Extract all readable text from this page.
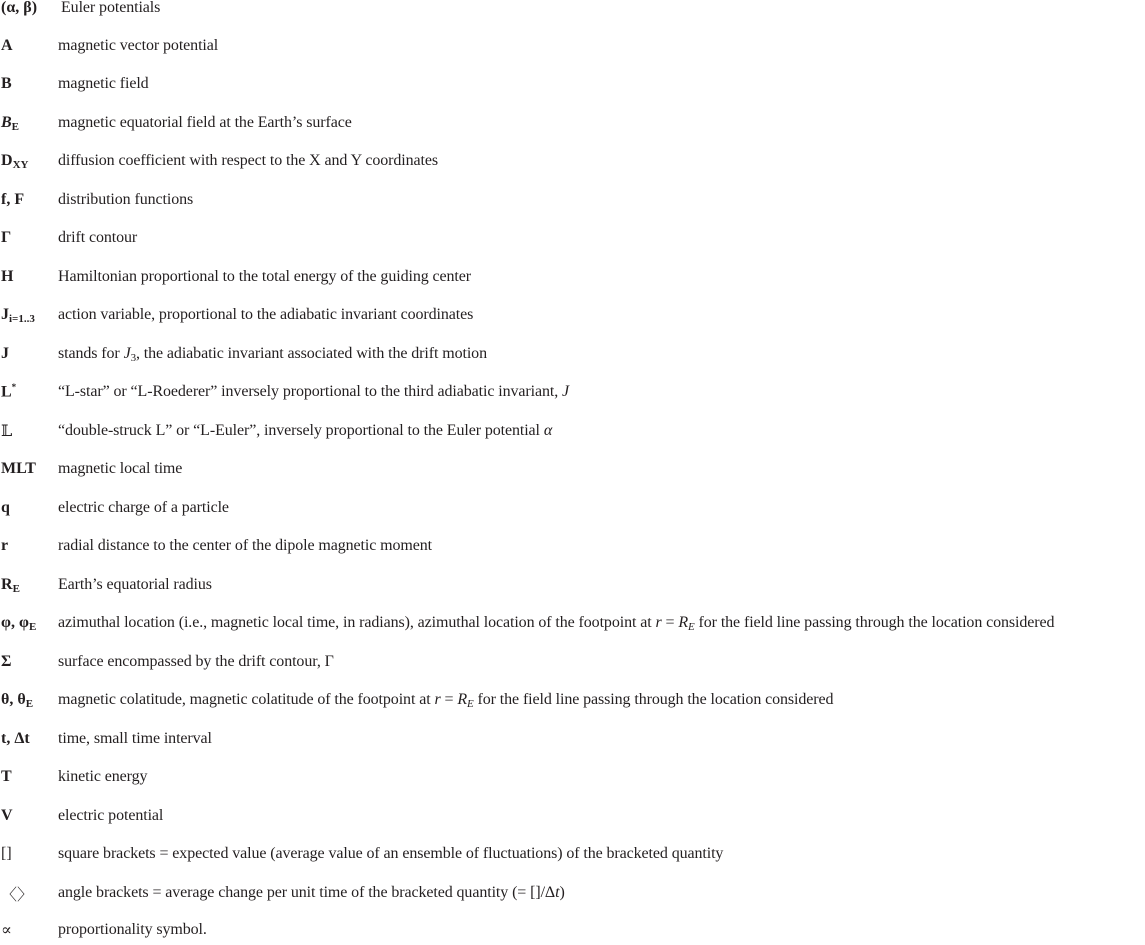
(α, β)	Euler potentials
A	magnetic vector potential
B	magnetic field
$B_E$	magnetic equatorial field at the Earth’s surface
$D_{XY}$	diffusion coefficient with respect to the X and Y coordinates
f, F	distribution functions
Γ	drift contour
H	Hamiltonian proportional to the total energy of the guiding center
$J_{i=1..3}$	action variable, proportional to the adiabatic invariant coordinates
J	stands for $J_3$, the adiabatic invariant associated with the drift motion
L*	“L-star” or “L-Roederer” inversely proportional to the third adiabatic invariant, J
𝕃	“double-struck L” or “L-Euler”, inversely proportional to the Euler potential α
MLT	magnetic local time
q	electric charge of a particle
r	radial distance to the center of the dipole magnetic moment
$R_E$	Earth’s equatorial radius
φ, $\varphi_E$	azimuthal location (i.e., magnetic local time, in radians), azimuthal location of the footpoint at $r = R_E$ for the field line passing through the location considered
Σ	surface encompassed by the drift contour, Γ
θ, $\theta_E$	magnetic colatitude, magnetic colatitude of the footpoint at $r = R_E$ for the field line passing through the location considered
t, Δt	time, small time interval
T	kinetic energy
V	electric potential
[]	square brackets = expected value (average value of an ensemble of fluctuations) of the bracketed quantity
〈〉	angle brackets = average change per unit time of the bracketed quantity (= []/Δt)
∝	proportionality symbol.
